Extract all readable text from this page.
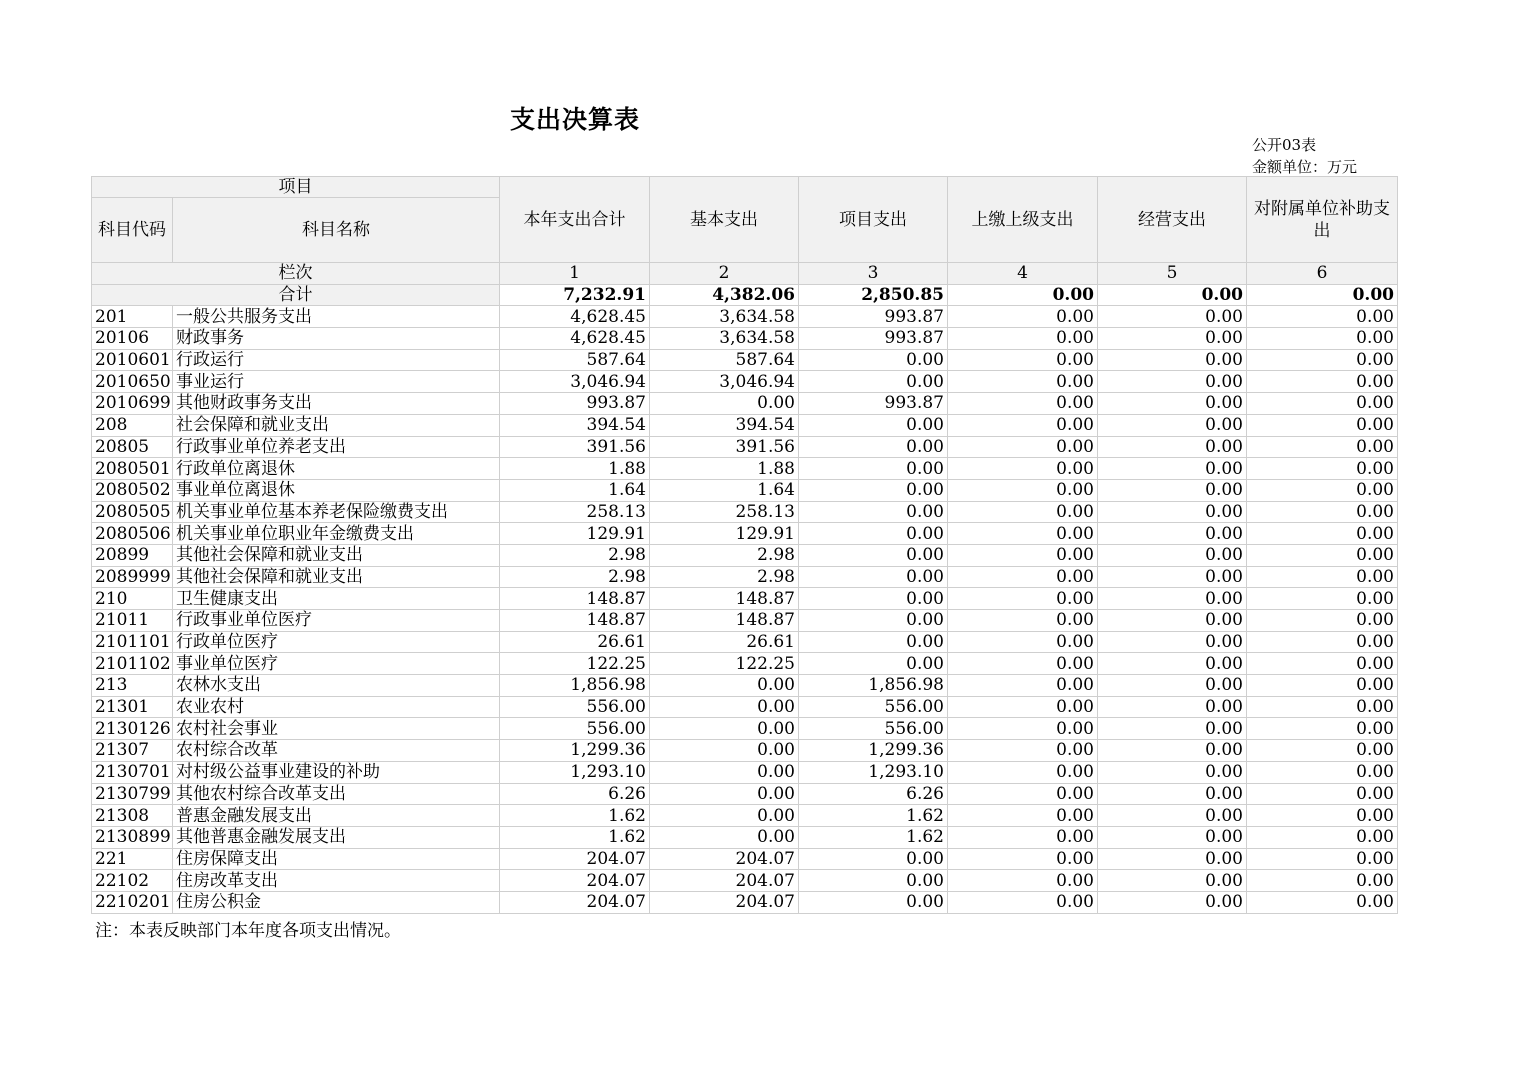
支出决算表
公开03表
金额单位：万元
项目		本年支出合计	基本支出	项目支出	上缴上级支出	经营支出	对附属单位补助支出
科目代码	科目名称						
栏次		1	2	3	4	5	6
合计		7,232.91	4,382.06	2,850.85	0.00	0.00	0.00
201	一般公共服务支出	4,628.45	3,634.58	993.87	0.00	0.00	0.00
20106	财政事务	4,628.45	3,634.58	993.87	0.00	0.00	0.00
2010601	行政运行	587.64	587.64	0.00	0.00	0.00	0.00
2010650	事业运行	3,046.94	3,046.94	0.00	0.00	0.00	0.00
2010699	其他财政事务支出	993.87	0.00	993.87	0.00	0.00	0.00
208	社会保障和就业支出	394.54	394.54	0.00	0.00	0.00	0.00
20805	行政事业单位养老支出	391.56	391.56	0.00	0.00	0.00	0.00
2080501	行政单位离退休	1.88	1.88	0.00	0.00	0.00	0.00
2080502	事业单位离退休	1.64	1.64	0.00	0.00	0.00	0.00
2080505	机关事业单位基本养老保险缴费支出	258.13	258.13	0.00	0.00	0.00	0.00
2080506	机关事业单位职业年金缴费支出	129.91	129.91	0.00	0.00	0.00	0.00
20899	其他社会保障和就业支出	2.98	2.98	0.00	0.00	0.00	0.00
2089999	其他社会保障和就业支出	2.98	2.98	0.00	0.00	0.00	0.00
210	卫生健康支出	148.87	148.87	0.00	0.00	0.00	0.00
21011	行政事业单位医疗	148.87	148.87	0.00	0.00	0.00	0.00
2101101	行政单位医疗	26.61	26.61	0.00	0.00	0.00	0.00
2101102	事业单位医疗	122.25	122.25	0.00	0.00	0.00	0.00
213	农林水支出	1,856.98	0.00	1,856.98	0.00	0.00	0.00
21301	农业农村	556.00	0.00	556.00	0.00	0.00	0.00
2130126	农村社会事业	556.00	0.00	556.00	0.00	0.00	0.00
21307	农村综合改革	1,299.36	0.00	1,299.36	0.00	0.00	0.00
2130701	对村级公益事业建设的补助	1,293.10	0.00	1,293.10	0.00	0.00	0.00
2130799	其他农村综合改革支出	6.26	0.00	6.26	0.00	0.00	0.00
21308	普惠金融发展支出	1.62	0.00	1.62	0.00	0.00	0.00
2130899	其他普惠金融发展支出	1.62	0.00	1.62	0.00	0.00	0.00
221	住房保障支出	204.07	204.07	0.00	0.00	0.00	0.00
22102	住房改革支出	204.07	204.07	0.00	0.00	0.00	0.00
2210201	住房公积金	204.07	204.07	0.00	0.00	0.00	0.00
注：本表反映部门本年度各项支出情况。
